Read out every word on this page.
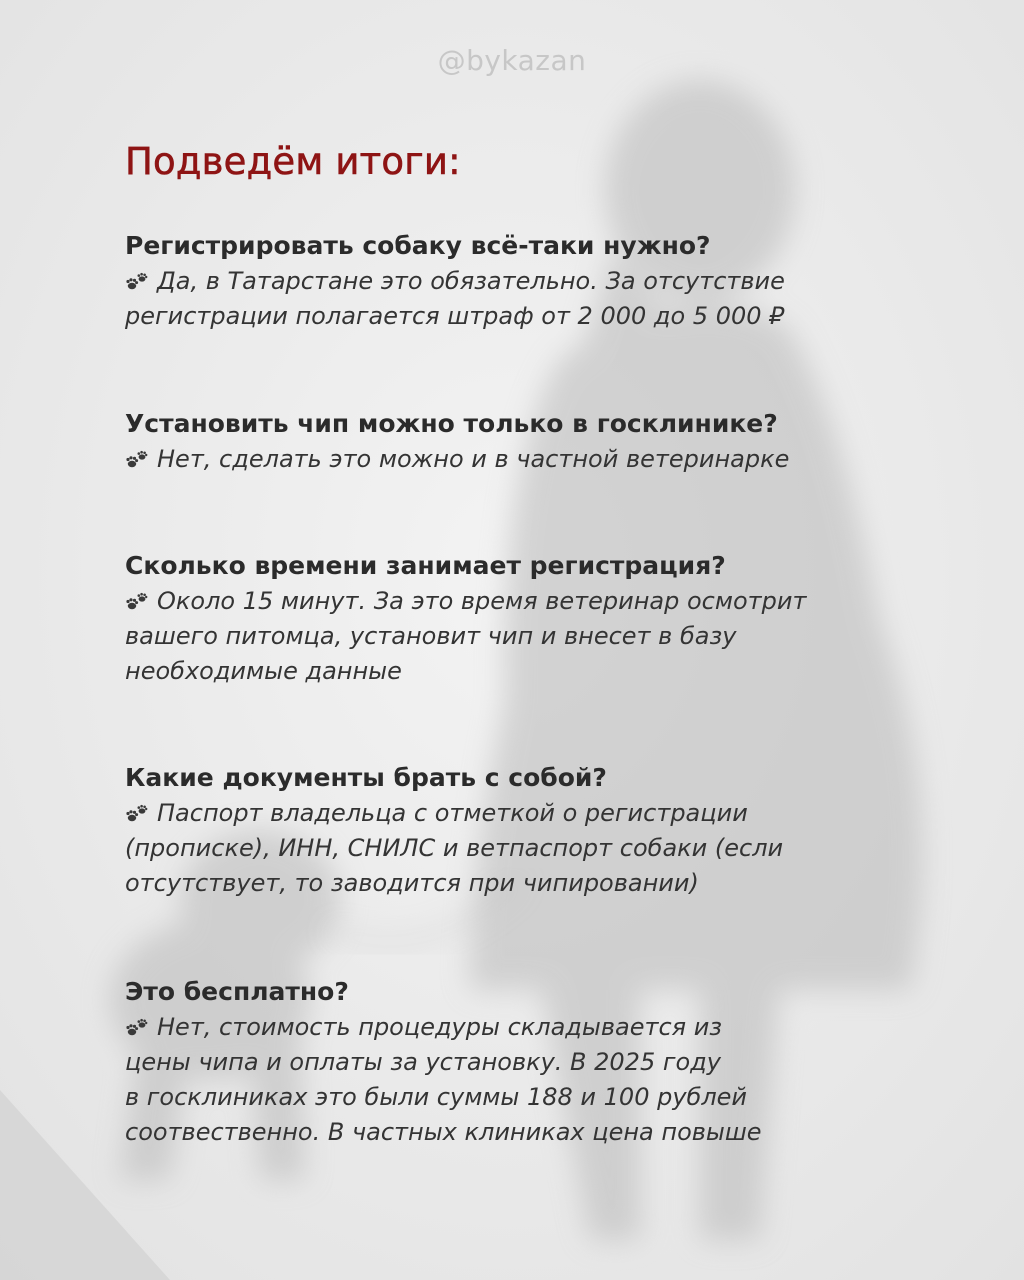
@bykazan
Подведём итоги:
Регистрировать собаку всё-таки нужно?
Да, в Татарстане это обязательно. За отсутствие
регистрации полагается штраф от 2 000 до 5 000 ₽
Установить чип можно только в госклинике?
Нет, сделать это можно и в частной ветеринарке
Сколько времени занимает регистрация?
Около 15 минут. За это время ветеринар осмотрит
вашего питомца, установит чип и внесет в базу
необходимые данные
Какие документы брать с собой?
Паспорт владельца с отметкой о регистрации
(прописке), ИНН, СНИЛС и ветпаспорт собаки (если
отсутствует, то заводится при чипировании)
Это бесплатно?
Нет, стоимость процедуры складывается из
цены чипа и оплаты за установку. В 2025 году
в госклиниках это были суммы 188 и 100 рублей
соотвественно. В частных клиниках цена повыше
